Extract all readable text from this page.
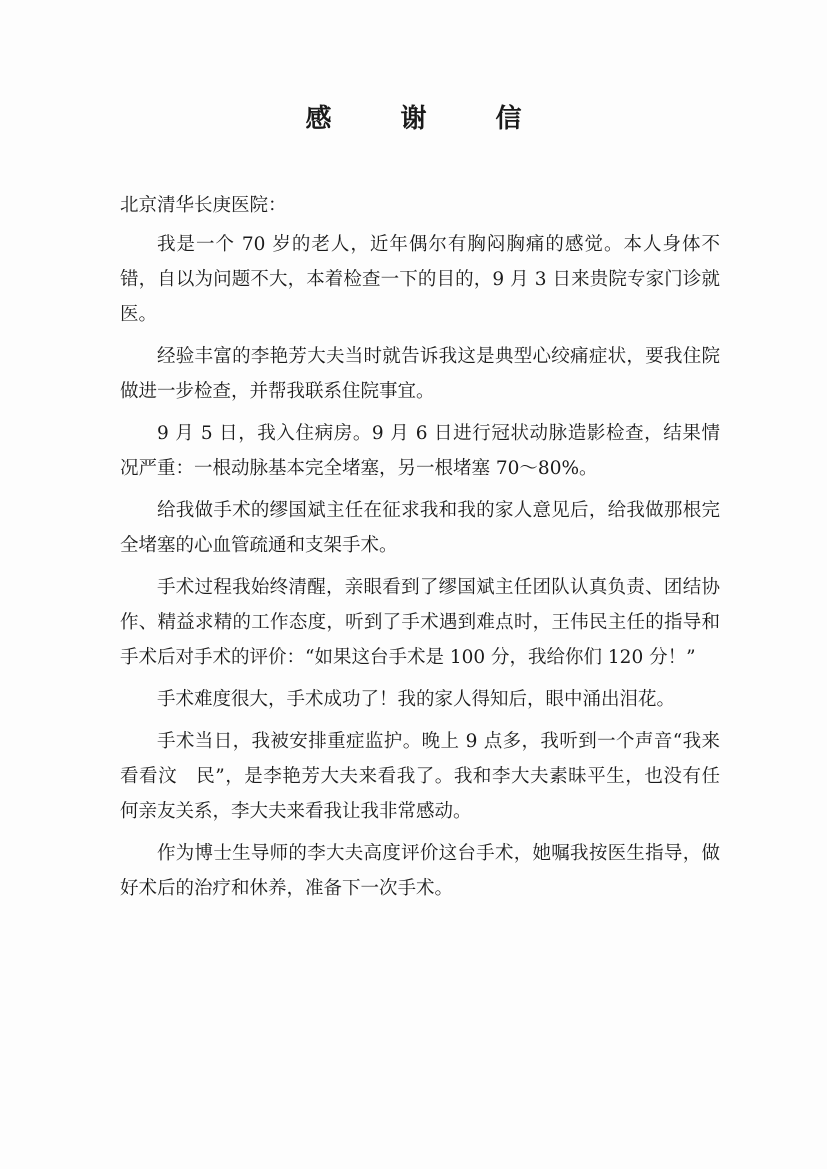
感 谢 信

北京清华长庚医院：

我是一个 70 岁的老人，近年偶尔有胸闷胸痛的感觉。本人身体不错，自以为问题不大，本着检查一下的目的，9 月 3 日来贵院专家门诊就医。

经验丰富的李艳芳大夫当时就告诉我这是典型心绞痛症状，要我住院做进一步检查，并帮我联系住院事宜。

9 月 5 日，我入住病房。9 月 6 日进行冠状动脉造影检查，结果情况严重：一根动脉基本完全堵塞，另一根堵塞 70～80%。

给我做手术的缪国斌主任在征求我和我的家人意见后，给我做那根完全堵塞的心血管疏通和支架手术。

手术过程我始终清醒，亲眼看到了缪国斌主任团队认真负责、团结协作、精益求精的工作态度，听到了手术遇到难点时，王伟民主任的指导和手术后对手术的评价：“如果这台手术是 100 分，我给你们 120 分！”

手术难度很大，手术成功了！我的家人得知后，眼中涌出泪花。

手术当日，我被安排重症监护。晚上 9 点多，我听到一个声音“我来看看汶　民”，是李艳芳大夫来看我了。我和李大夫素昧平生，也没有任何亲友关系，李大夫来看我让我非常感动。

作为博士生导师的李大夫高度评价这台手术，她嘱我按医生指导，做好术后的治疗和休养，准备下一次手术。
